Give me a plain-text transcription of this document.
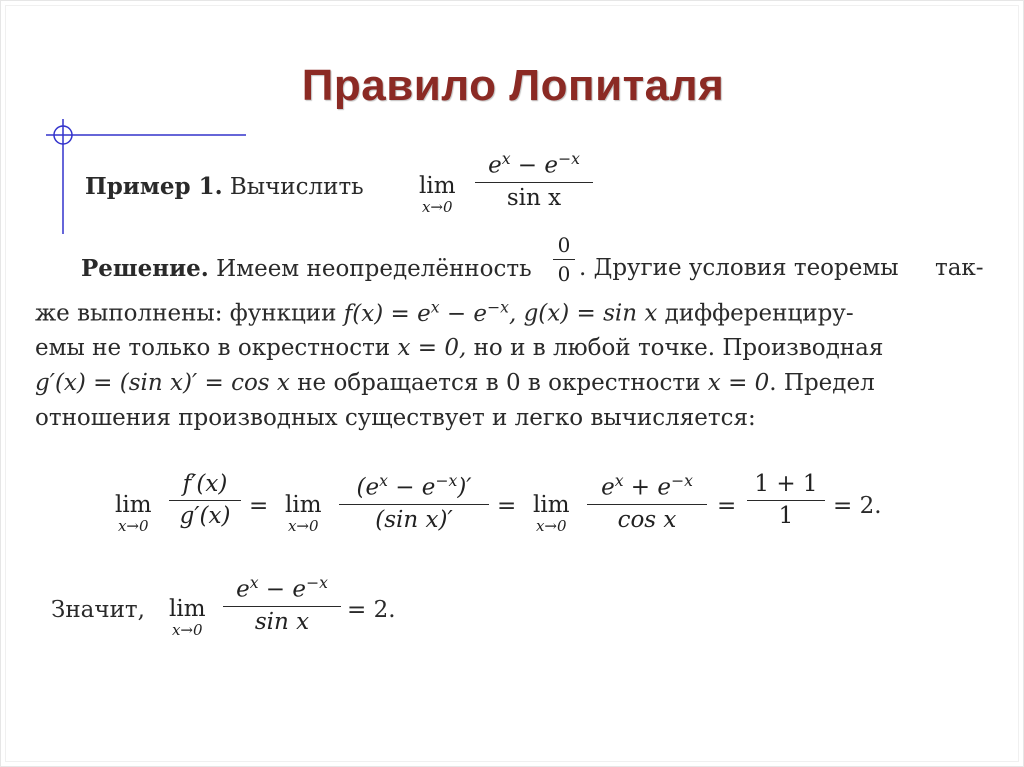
Правило Лопиталя
Пример 1. Вычислить lim
$x\to 0 \frac{e^x - e^{-x}}{\text{sin x}}$
Решение. Имеем неопределённость $\frac{0}{0}$ . Другие условия теоремы так-
же выполнены: функции $f(x) = e^x - e^{-x}$, g(x) = sin x дифференциру-
емы не только в окрестности x = 0, но и в любой точке. Производная
g′(x) = (sin x)′ = cos x не обращается в 0 в окрестности x = 0. Предел
отношения производных существует и легко вычисляется:
lim
$x\to 0 \frac{f'(x)}{g'(x)} = \lim$
$x\to 0 \frac{(e^x - e^{-x})'}{\text{(sin x)′}} = \lim$
$x\to 0 \frac{e^x + e^{-x}}{\text{cos x}} = \frac{1 + 1}{1} = 2$.
Значит, lim
$x\to 0 \frac{e^x - e^{-x}}{\text{sin x}} = 2$.
